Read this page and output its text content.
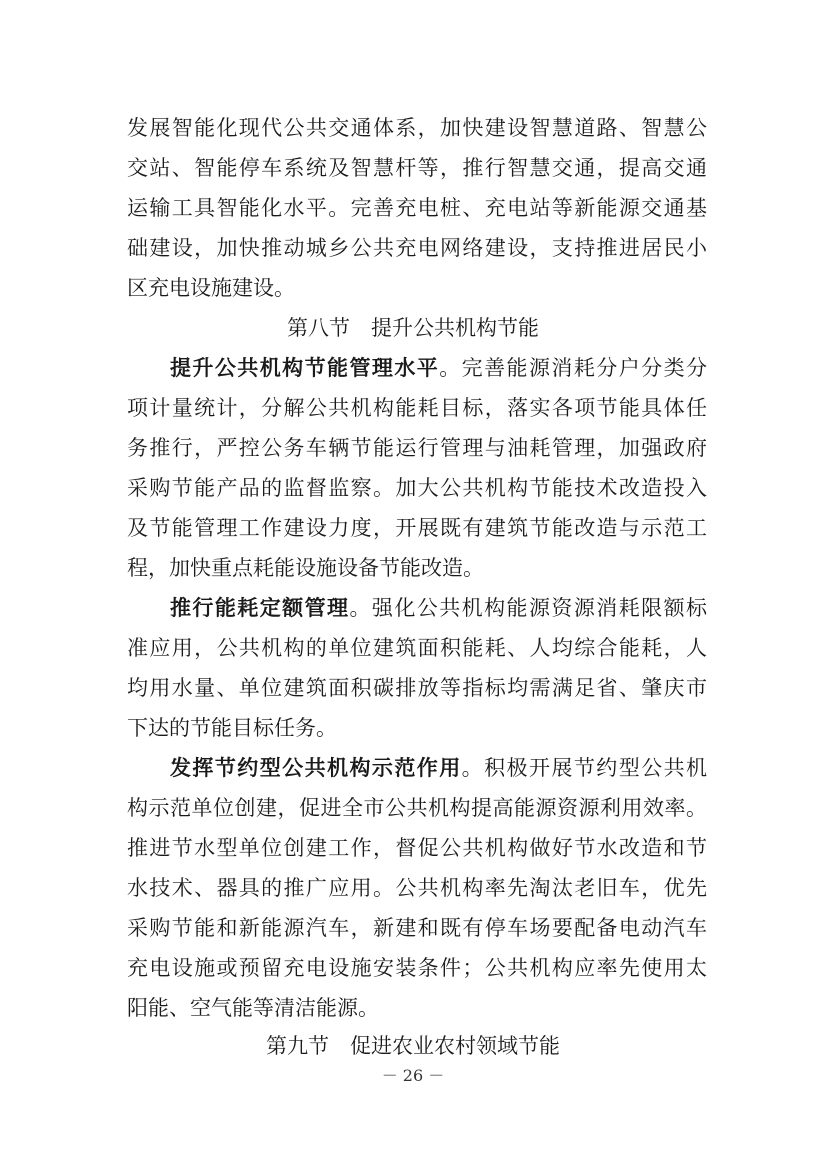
发展智能化现代公共交通体系，加快建设智慧道路、智慧公
交站、智能停车系统及智慧杆等，推行智慧交通，提高交通
运输工具智能化水平。完善充电桩、充电站等新能源交通基
础建设，加快推动城乡公共充电网络建设，支持推进居民小
区充电设施建设。
第八节　提升公共机构节能
提升公共机构节能管理水平。完善能源消耗分户分类分
项计量统计，分解公共机构能耗目标，落实各项节能具体任
务推行，严控公务车辆节能运行管理与油耗管理，加强政府
采购节能产品的监督监察。加大公共机构节能技术改造投入
及节能管理工作建设力度，开展既有建筑节能改造与示范工
程，加快重点耗能设施设备节能改造。
推行能耗定额管理。强化公共机构能源资源消耗限额标
准应用，公共机构的单位建筑面积能耗、人均综合能耗，人
均用水量、单位建筑面积碳排放等指标均需满足省、肇庆市
下达的节能目标任务。
发挥节约型公共机构示范作用。积极开展节约型公共机
构示范单位创建，促进全市公共机构提高能源资源利用效率。
推进节水型单位创建工作，督促公共机构做好节水改造和节
水技术、器具的推广应用。公共机构率先淘汰老旧车，优先
采购节能和新能源汽车，新建和既有停车场要配备电动汽车
充电设施或预留充电设施安装条件；公共机构应率先使用太
阳能、空气能等清洁能源。
第九节　促进农业农村领域节能
－ 26 －
